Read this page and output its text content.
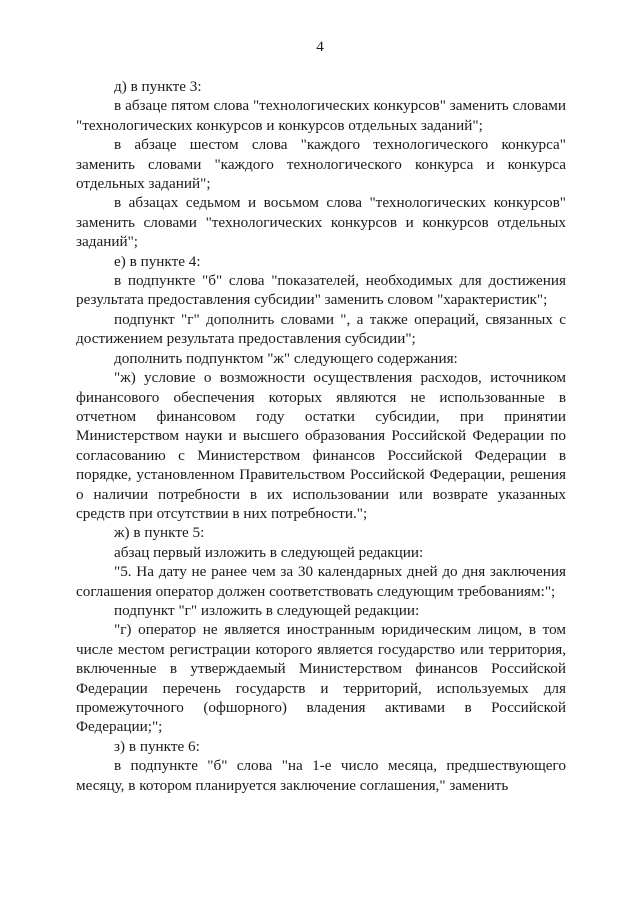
4

д) в пункте 3:

в абзаце пятом слова "технологических конкурсов" заменить словами "технологических конкурсов и конкурсов отдельных заданий";

в абзаце шестом слова "каждого технологического конкурса" заменить словами "каждого технологического конкурса и конкурса отдельных заданий";

в абзацах седьмом и восьмом слова "технологических конкурсов" заменить словами "технологических конкурсов и конкурсов отдельных заданий";

е) в пункте 4:

в подпункте "б" слова "показателей, необходимых для достижения результата предоставления субсидии" заменить словом "характеристик";

подпункт "г" дополнить словами ", а также операций, связанных с достижением результата предоставления субсидии";

дополнить подпунктом "ж" следующего содержания:

"ж) условие о возможности осуществления расходов, источником финансового обеспечения которых являются не использованные в отчетном финансовом году остатки субсидии, при принятии Министерством науки и высшего образования Российской Федерации по согласованию с Министерством финансов Российской Федерации в порядке, установленном Правительством Российской Федерации, решения о наличии потребности в их использовании или возврате указанных средств при отсутствии в них потребности.";

ж) в пункте 5:

абзац первый изложить в следующей редакции:

"5. На дату не ранее чем за 30 календарных дней до дня заключения соглашения оператор должен соответствовать следующим требованиям:";

подпункт "г" изложить в следующей редакции:

"г) оператор не является иностранным юридическим лицом, в том числе местом регистрации которого является государство или территория, включенные в утверждаемый Министерством финансов Российской Федерации перечень государств и территорий, используемых для промежуточного (офшорного) владения активами в Российской Федерации;";

з) в пункте 6:

в подпункте "б" слова "на 1-е число месяца, предшествующего месяцу, в котором планируется заключение соглашения," заменить
